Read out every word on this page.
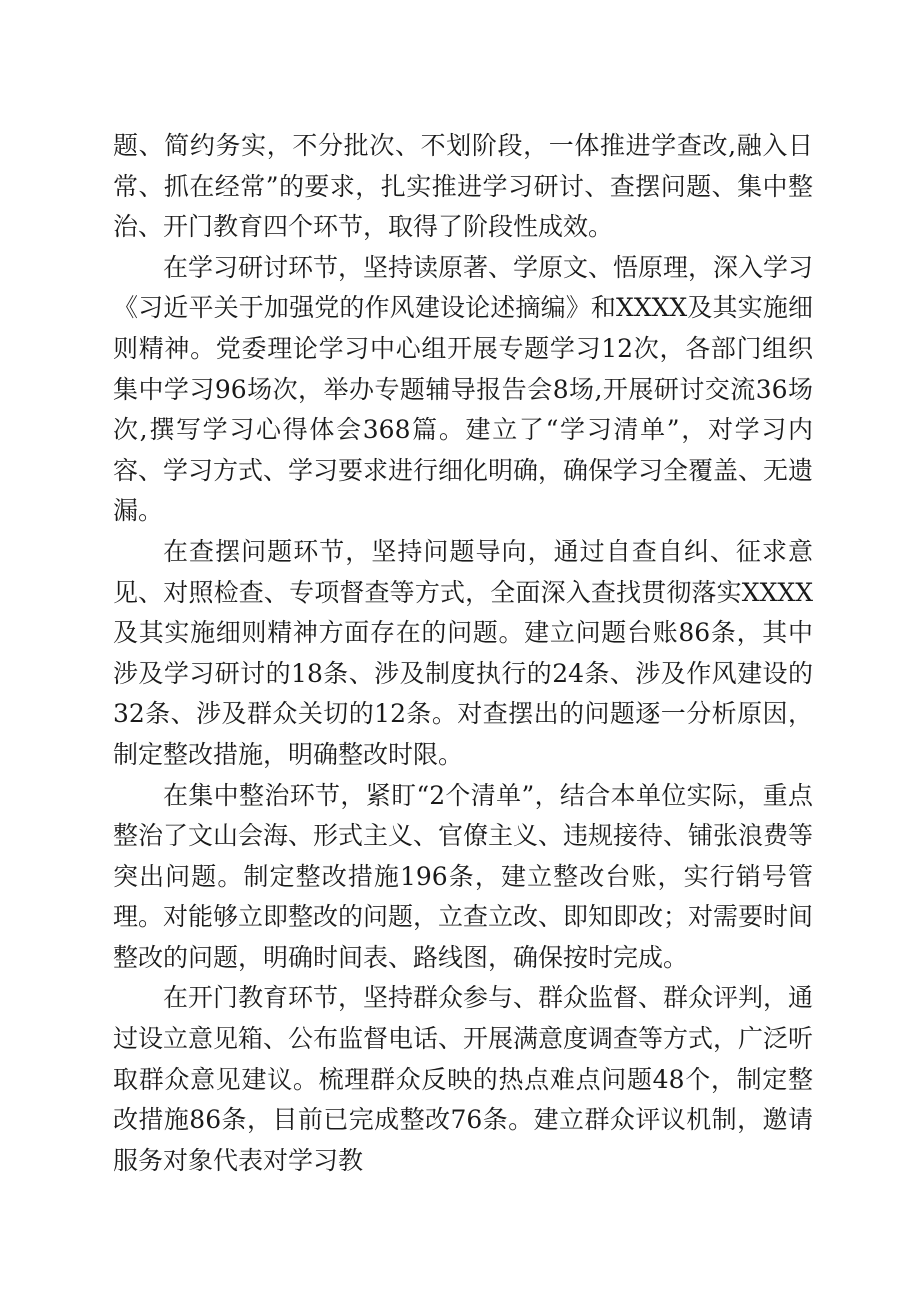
题、简约务实，不分批次、不划阶段，一体推进学查改,融入日常、抓在经常”的要求，扎实推进学习研讨、查摆问题、集中整治、开门教育四个环节，取得了阶段性成效。

在学习研讨环节，坚持读原著、学原文、悟原理，深入学习《习近平关于加强党的作风建设论述摘编》和XXXX及其实施细则精神。党委理论学习中心组开展专题学习12次，各部门组织集中学习96场次，举办专题辅导报告会8场,开展研讨交流36场次,撰写学习心得体会368篇。建立了“学习清单”，对学习内容、学习方式、学习要求进行细化明确，确保学习全覆盖、无遗漏。

在查摆问题环节，坚持问题导向，通过自查自纠、征求意见、对照检查、专项督查等方式，全面深入查找贯彻落实XXXX及其实施细则精神方面存在的问题。建立问题台账86条，其中涉及学习研讨的18条、涉及制度执行的24条、涉及作风建设的32条、涉及群众关切的12条。对查摆出的问题逐一分析原因，制定整改措施，明确整改时限。

在集中整治环节，紧盯“2个清单”，结合本单位实际，重点整治了文山会海、形式主义、官僚主义、违规接待、铺张浪费等突出问题。制定整改措施196条，建立整改台账，实行销号管理。对能够立即整改的问题，立查立改、即知即改；对需要时间整改的问题，明确时间表、路线图，确保按时完成。

在开门教育环节，坚持群众参与、群众监督、群众评判，通过设立意见箱、公布监督电话、开展满意度调查等方式，广泛听取群众意见建议。梳理群众反映的热点难点问题48个，制定整改措施86条，目前已完成整改76条。建立群众评议机制，邀请服务对象代表对学习教
